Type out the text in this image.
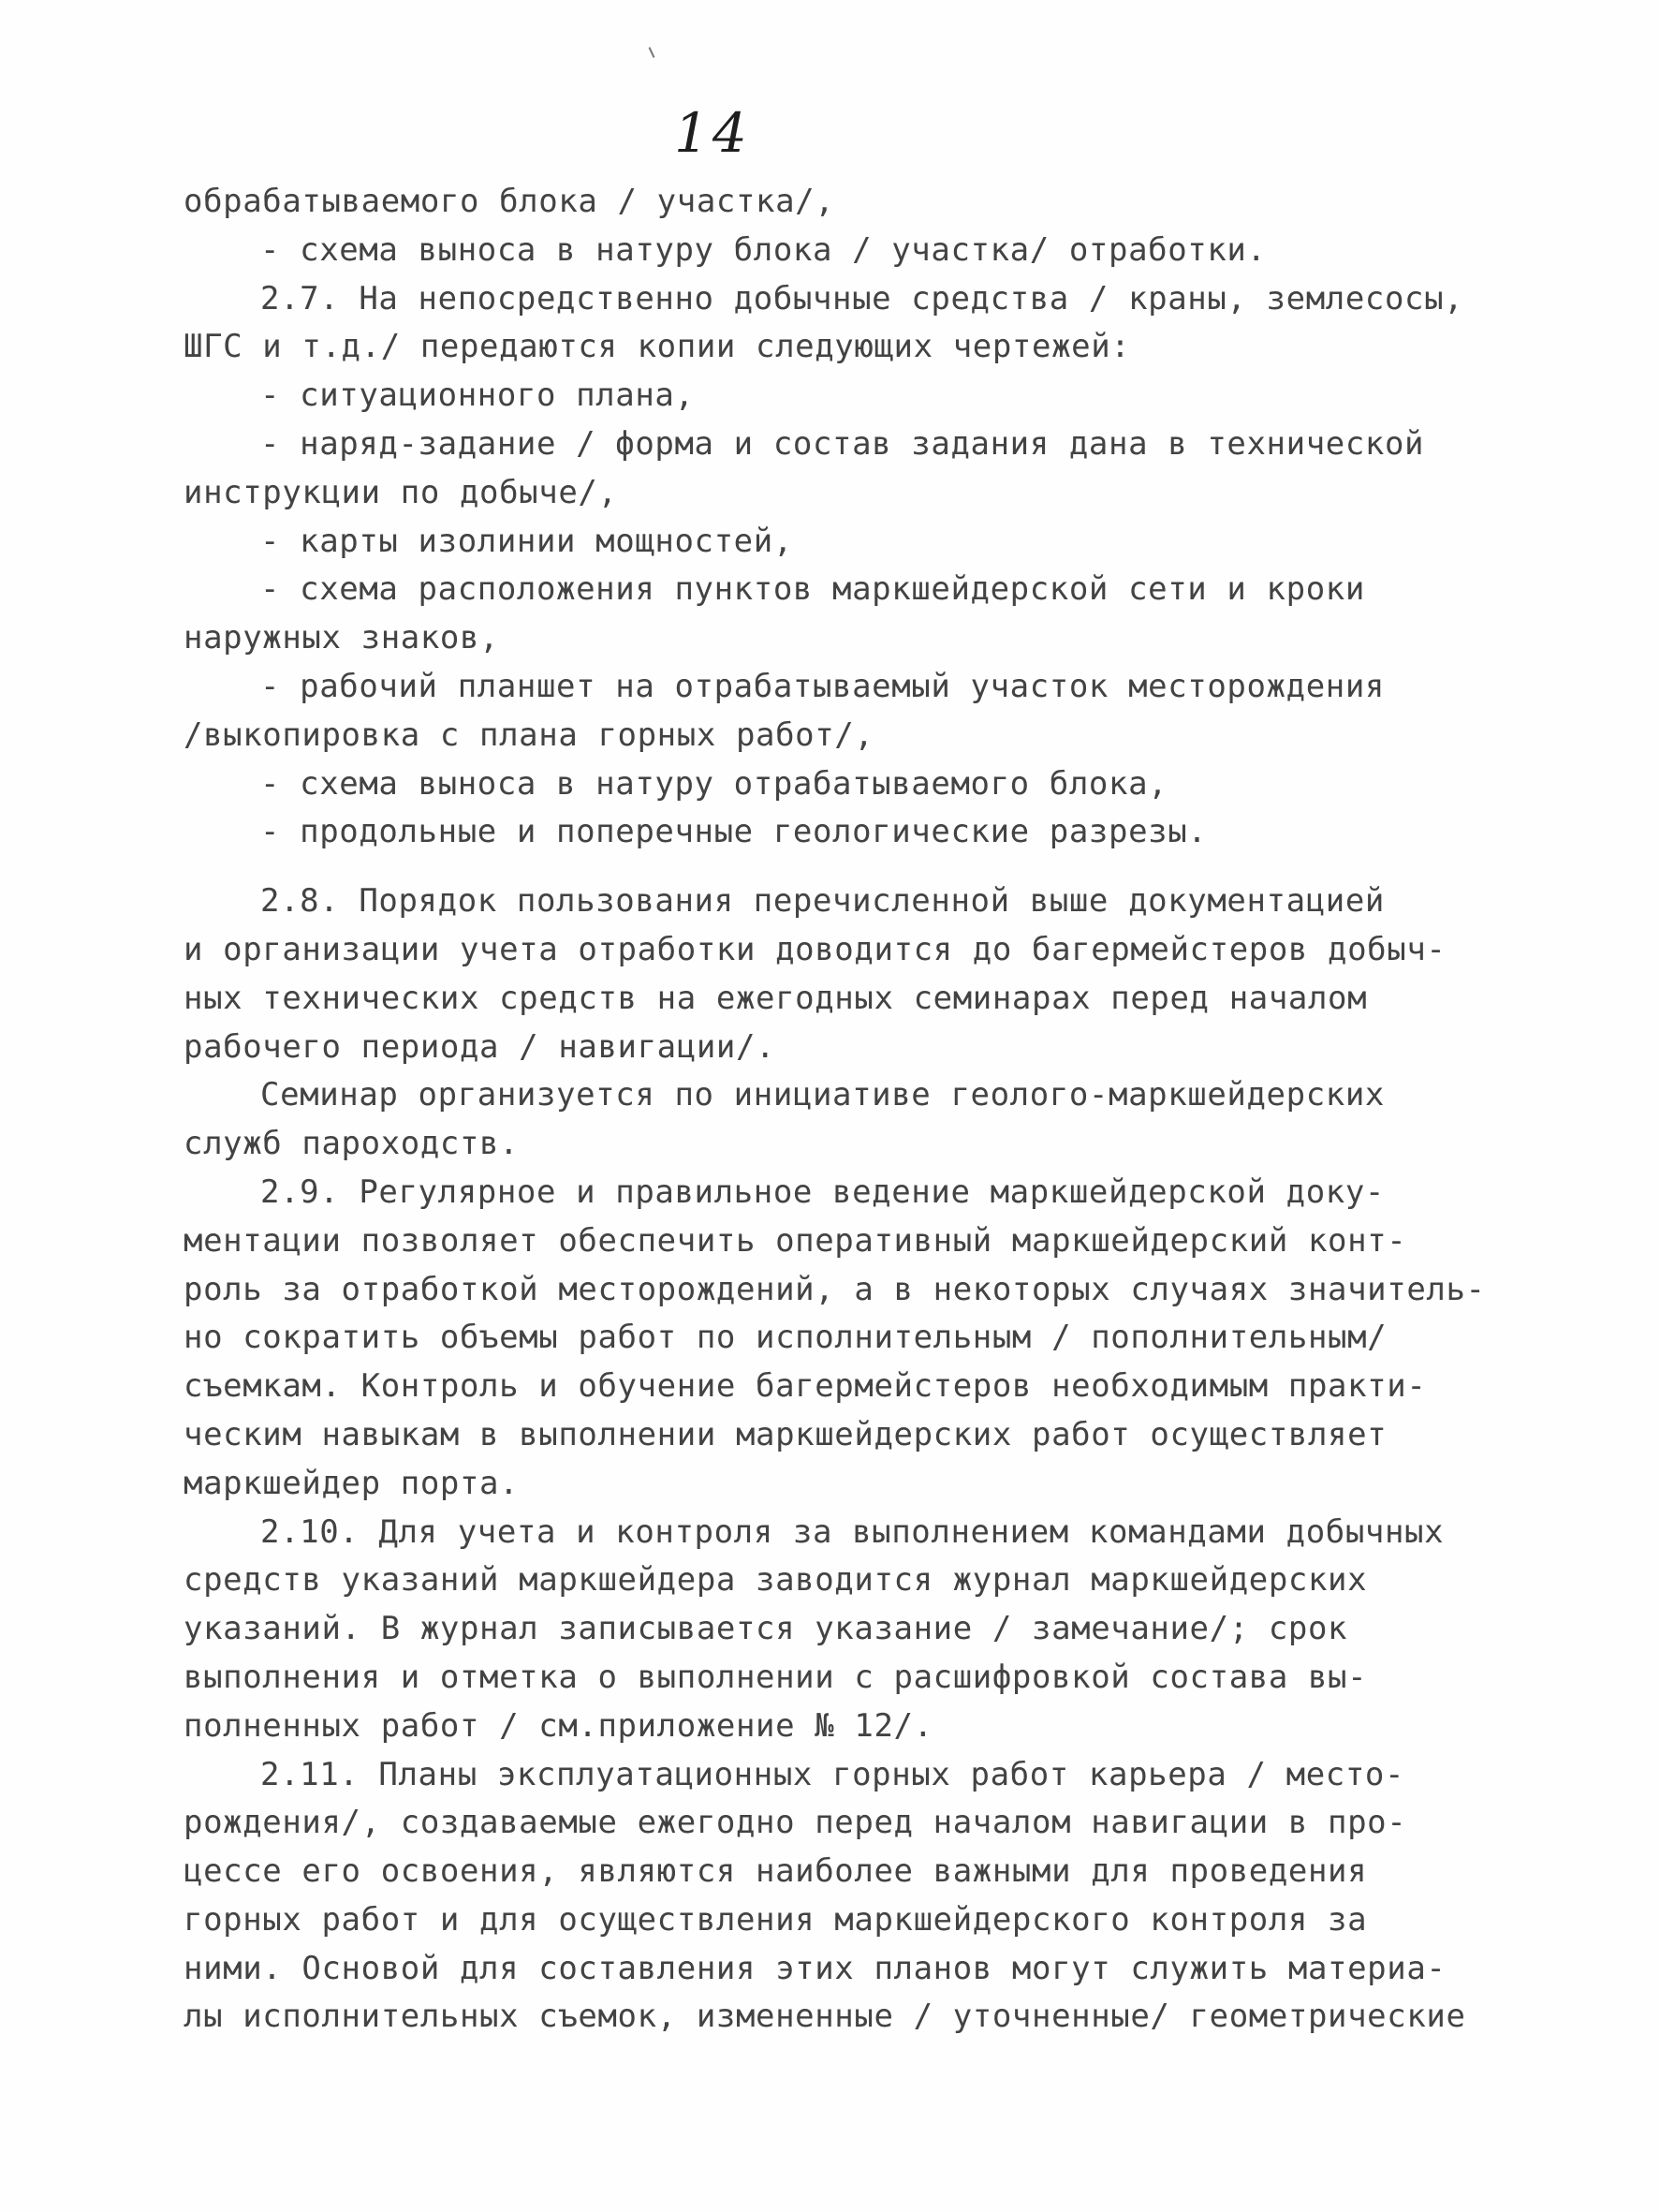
14
обрабатываемого блока / участка/,
- схема выноса в натуру блока / участка/ отработки.
2.7. На непосредственно добычные средства / краны, землесосы,
ШГС и т.д./ передаются копии следующих чертежей:
- ситуационного плана,
- наряд-задание / форма и состав задания дана в технической
инструкции по добыче/,
- карты изолинии мощностей,
- схема расположения пунктов маркшейдерской сети и кроки
наружных знаков,
- рабочий планшет на отрабатываемый участок месторождения
/выкопировка с плана горных работ/,
- схема выноса в натуру отрабатываемого блока,
- продольные и поперечные геологические разрезы.
2.8. Порядок пользования перечисленной выше документацией
и организации учета отработки доводится до багермейстеров добыч-
ных технических средств на ежегодных семинарах перед началом
рабочего периода / навигации/.
Семинар организуется по инициативе геолого-маркшейдерских
служб пароходств.
2.9. Регулярное и правильное ведение маркшейдерской доку-
ментации позволяет обеспечить оперативный маркшейдерский конт-
роль за отработкой месторождений, а в некоторых случаях значитель-
но сократить объемы работ по исполнительным / пополнительным/
съемкам. Контроль и обучение багермейстеров необходимым практи-
ческим навыкам в выполнении маркшейдерских работ осуществляет
маркшейдер порта.
2.10. Для учета и контроля за выполнением командами добычных
средств указаний маркшейдера заводится журнал маркшейдерских
указаний. В журнал записывается указание / замечание/; срок
выполнения и отметка о выполнении с расшифровкой состава вы-
полненных работ / см.приложение № 12/.
2.11. Планы эксплуатационных горных работ карьера / место-
рождения/, создаваемые ежегодно перед началом навигации в про-
цессе его освоения, являются наиболее важными для проведения
горных работ и для осуществления маркшейдерского контроля за
ними. Основой для составления этих планов могут служить материа-
лы исполнительных съемок, измененные / уточненные/ геометрические
